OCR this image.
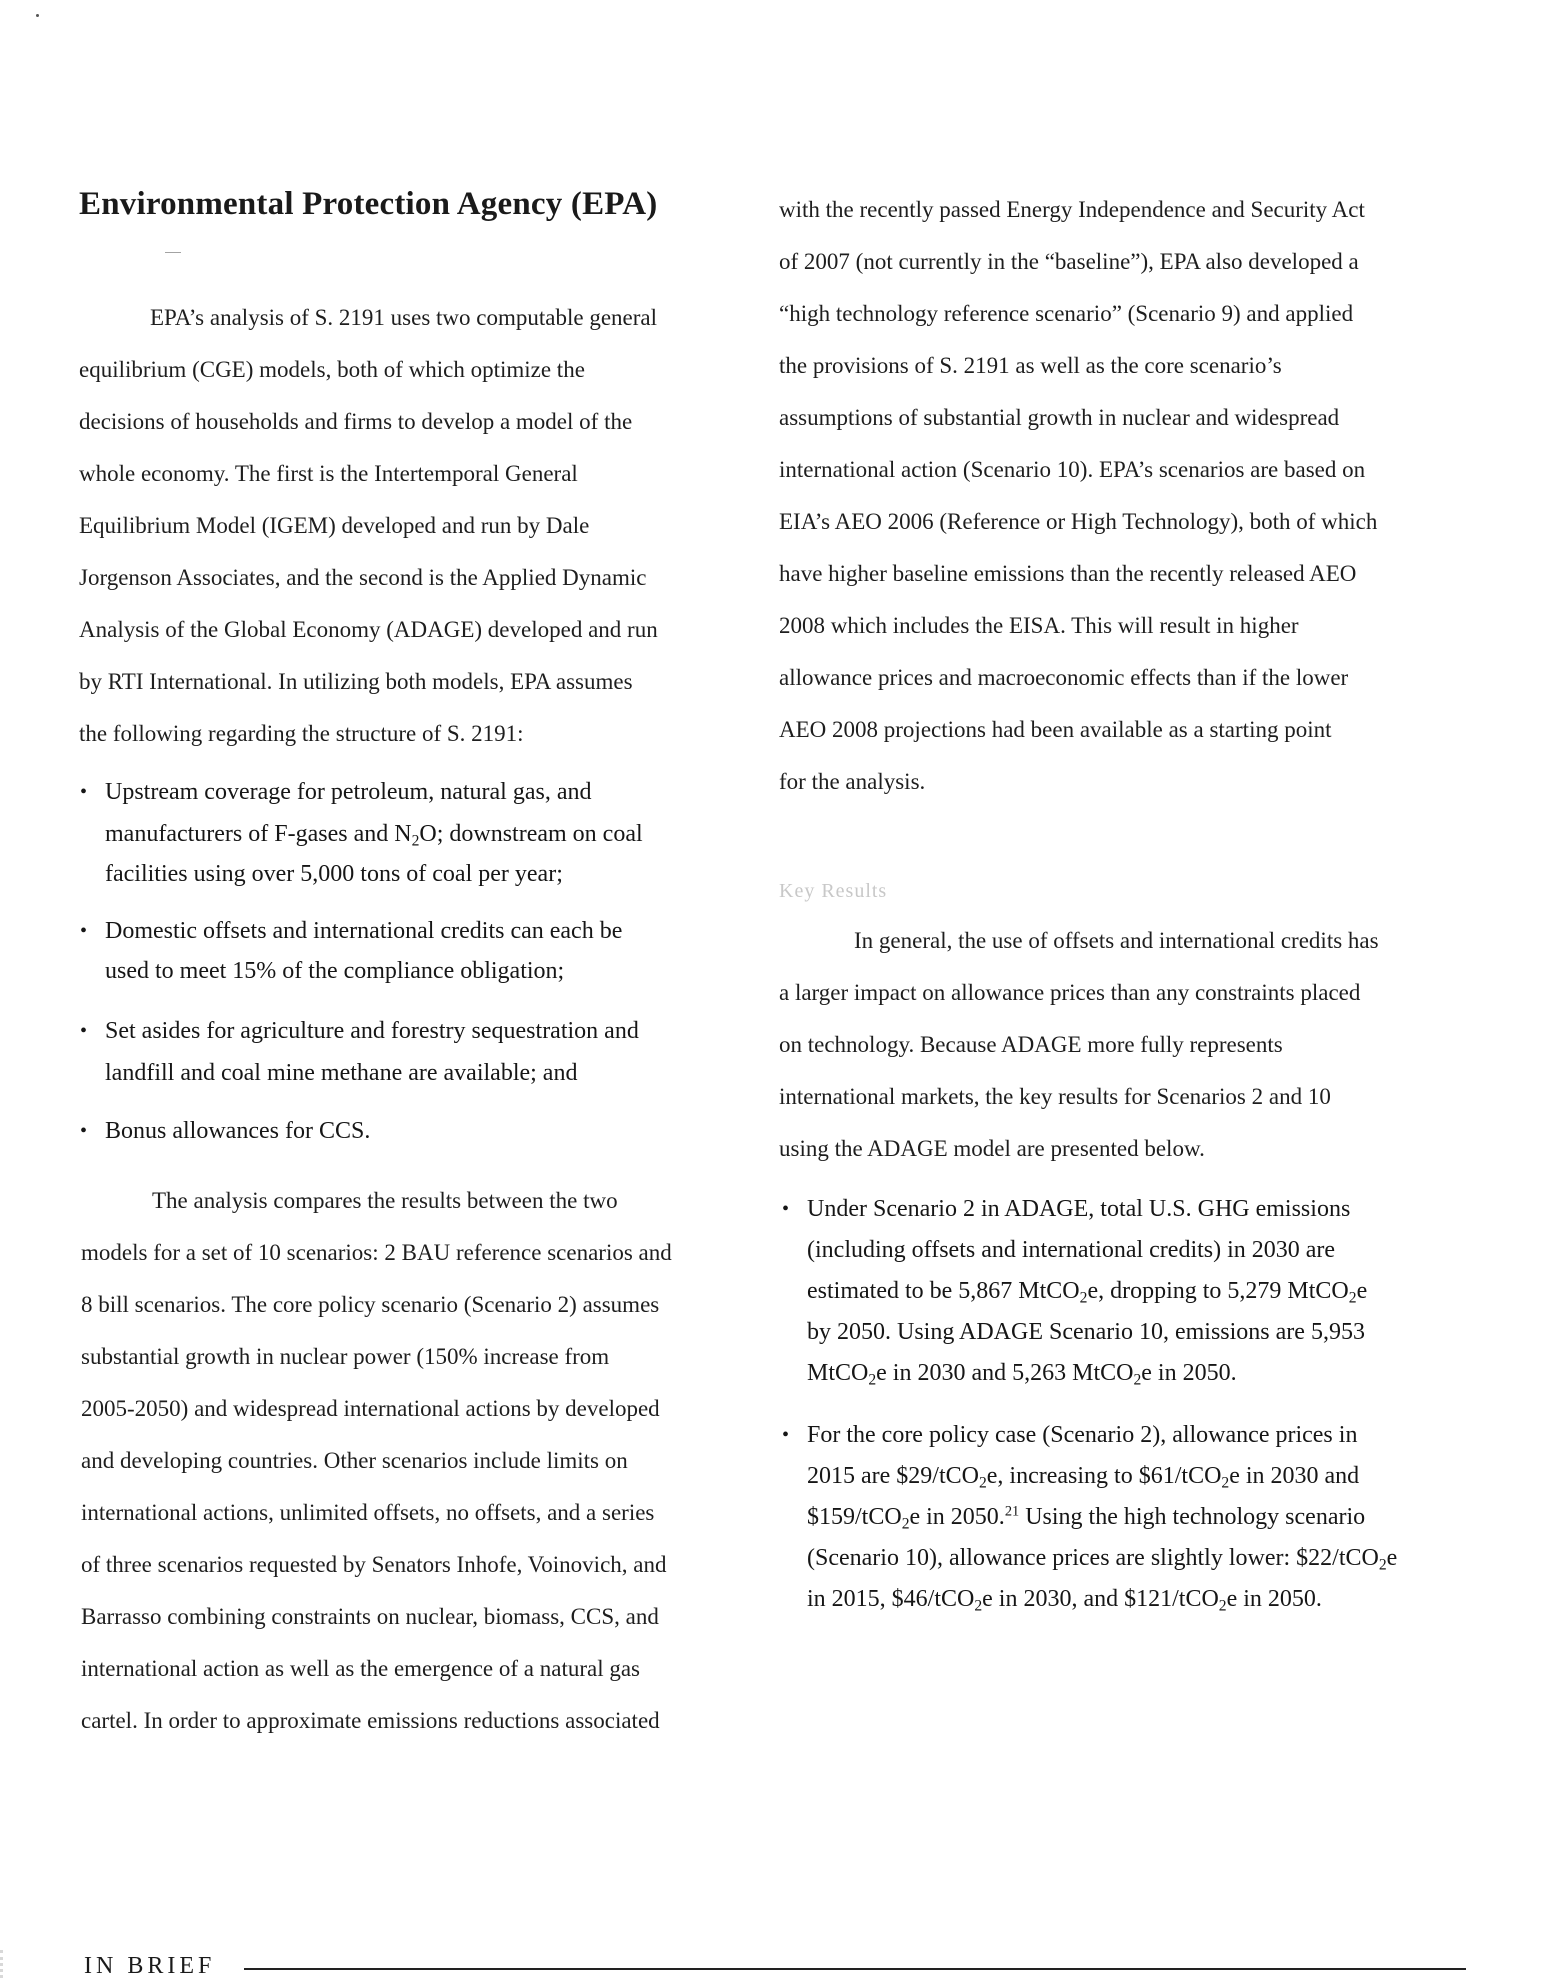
Environmental Protection Agency (EPA)

EPA’s analysis of S. 2191 uses two computable general

equilibrium (CGE) models, both of which optimize the

decisions of households and firms to develop a model of the

whole economy. The first is the Intertemporal General

Equilibrium Model (IGEM) developed and run by Dale

Jorgenson Associates, and the second is the Applied Dynamic

Analysis of the Global Economy (ADAGE) developed and run

by RTI International. In utilizing both models, EPA assumes

the following regarding the structure of S. 2191:

• Upstream coverage for petroleum, natural gas, and
manufacturers of F-gases and $N_2O$; downstream on coal
facilities using over 5,000 tons of coal per year;
• Domestic offsets and international credits can each be
used to meet 15% of the compliance obligation;
• Set asides for agriculture and forestry sequestration and
landfill and coal mine methane are available; and
• Bonus allowances for CCS.

The analysis compares the results between the two

models for a set of 10 scenarios: 2 BAU reference scenarios and

8 bill scenarios. The core policy scenario (Scenario 2) assumes

substantial growth in nuclear power (150% increase from

2005-2050) and widespread international actions by developed

and developing countries. Other scenarios include limits on

international actions, unlimited offsets, no offsets, and a series

of three scenarios requested by Senators Inhofe, Voinovich, and

Barrasso combining constraints on nuclear, biomass, CCS, and

international action as well as the emergence of a natural gas

cartel. In order to approximate emissions reductions associated

with the recently passed Energy Independence and Security Act

of 2007 (not currently in the “baseline”), EPA also developed a

“high technology reference scenario” (Scenario 9) and applied

the provisions of S. 2191 as well as the core scenario’s

assumptions of substantial growth in nuclear and widespread

international action (Scenario 10). EPA’s scenarios are based on

EIA’s AEO 2006 (Reference or High Technology), both of which

have higher baseline emissions than the recently released AEO

2008 which includes the EISA. This will result in higher

allowance prices and macroeconomic effects than if the lower

AEO 2008 projections had been available as a starting point

for the analysis.

Key Results

In general, the use of offsets and international credits has

a larger impact on allowance prices than any constraints placed

on technology. Because ADAGE more fully represents

international markets, the key results for Scenarios 2 and 10

using the ADAGE model are presented below.

• Under Scenario 2 in ADAGE, total U.S. GHG emissions
(including offsets and international credits) in 2030 are
estimated to be 5,867 MtCO$_2$e, dropping to 5,279 MtCO$_2$e
by 2050. Using ADAGE Scenario 10, emissions are 5,953
MtCO$_2$e in 2030 and 5,263 MtCO$_2$e in 2050.
• For the core policy case (Scenario 2), allowance prices in
2015 are $29/tCO$_2$e, increasing to $61/tCO$_2$e in 2030 and
$159/tCO$_2$e in 2050.21 Using the high technology scenario
(Scenario 10), allowance prices are slightly lower: $22/tCO$_2$e
in 2015, $46/tCO$_2$e in 2030, and $121/tCO$_2$e in 2050.
IN BRIEF
